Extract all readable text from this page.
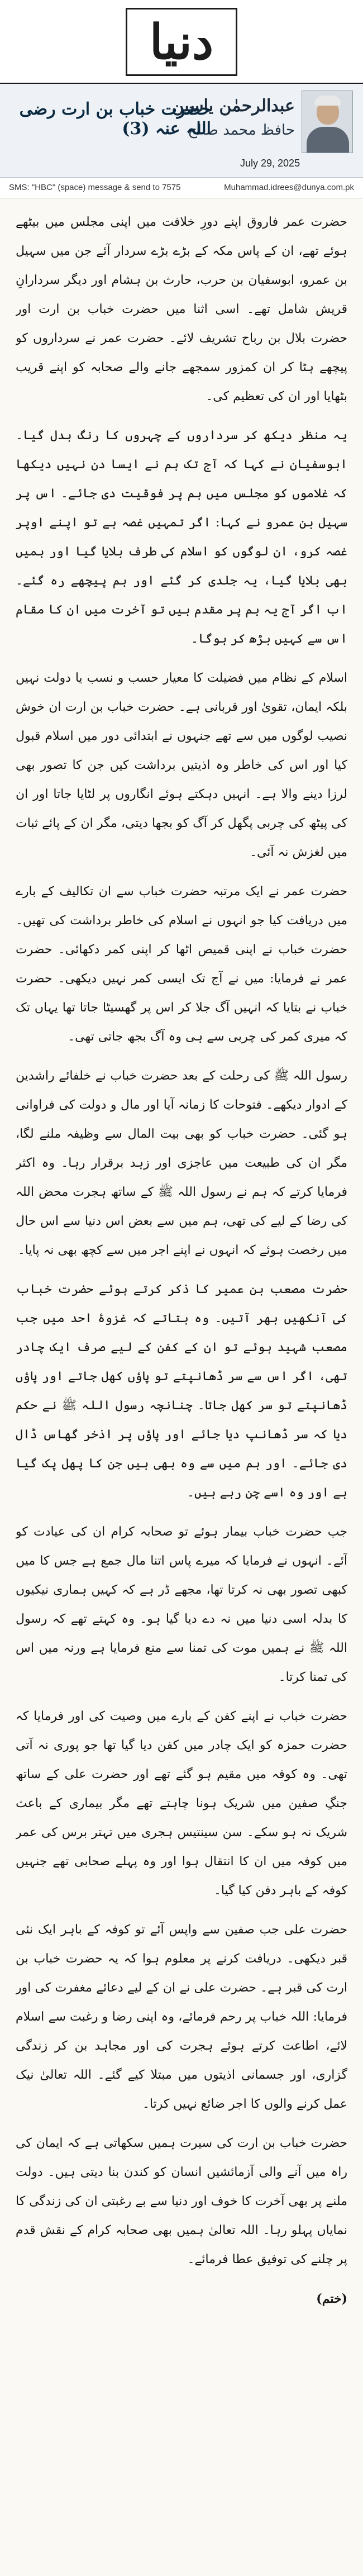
دنیا
عبدالرحمٰن یاسین
حافظ محمد صالح
حضرت خباب بن ارت رضی اللہ عنہ (3)
July 29, 2025
SMS: "HBC" (space) message & send to 7575	Muhammad.idrees@dunya.com.pk

حضرت عمر فاروق اپنے دورِ خلافت میں اپنی مجلس میں بیٹھے ہوئے تھے، ان کے پاس مکہ کے بڑے بڑے سردار آئے جن میں سہیل بن عمرو، ابوسفیان بن حرب، حارث بن ہشام اور دیگر سردارانِ قریش شامل تھے۔ اسی اثنا میں حضرت خباب بن ارت اور حضرت بلال بن رباح تشریف لائے۔ حضرت عمر نے سرداروں کو پیچھے ہٹا کر ان کمزور سمجھے جانے والے صحابہ کو اپنے قریب بٹھایا اور ان کی تعظیم کی۔

یہ منظر دیکھ کر سرداروں کے چہروں کا رنگ بدل گیا۔ ابوسفیان نے کہا کہ آج تک ہم نے ایسا دن نہیں دیکھا کہ غلاموں کو مجلس میں ہم پر فوقیت دی جائے۔ اس پر سہیل بن عمرو نے کہا: اگر تمہیں غصہ ہے تو اپنے اوپر غصہ کرو، ان لوگوں کو اسلام کی طرف بلایا گیا اور ہمیں بھی بلایا گیا، یہ جلدی کر گئے اور ہم پیچھے رہ گئے۔ اب اگر آج یہ ہم پر مقدم ہیں تو آخرت میں ان کا مقام اس سے کہیں بڑھ کر ہوگا۔

اسلام کے نظام میں فضیلت کا معیار حسب و نسب یا دولت نہیں بلکہ ایمان، تقویٰ اور قربانی ہے۔ حضرت خباب بن ارت ان خوش نصیب لوگوں میں سے تھے جنہوں نے ابتدائی دور میں اسلام قبول کیا اور اس کی خاطر وہ اذیتیں برداشت کیں جن کا تصور بھی لرزا دینے والا ہے۔ انہیں دہکتے ہوئے انگاروں پر لٹایا جاتا اور ان کی پیٹھ کی چربی پگھل کر آگ کو بجھا دیتی، مگر ان کے پائے ثبات میں لغزش نہ آئی۔

حضرت عمر نے ایک مرتبہ حضرت خباب سے ان تکالیف کے بارے میں دریافت کیا جو انہوں نے اسلام کی خاطر برداشت کی تھیں۔ حضرت خباب نے اپنی قمیص اٹھا کر اپنی کمر دکھائی۔ حضرت عمر نے فرمایا: میں نے آج تک ایسی کمر نہیں دیکھی۔ حضرت خباب نے بتایا کہ انہیں آگ جلا کر اس پر گھسیٹا جاتا تھا یہاں تک کہ میری کمر کی چربی سے ہی وہ آگ بجھ جاتی تھی۔

رسول اللہ ﷺ کی رحلت کے بعد حضرت خباب نے خلفائے راشدین کے ادوار دیکھے۔ فتوحات کا زمانہ آیا اور مال و دولت کی فراوانی ہو گئی۔ حضرت خباب کو بھی بیت المال سے وظیفہ ملنے لگا، مگر ان کی طبیعت میں عاجزی اور زہد برقرار رہا۔ وہ اکثر فرمایا کرتے کہ ہم نے رسول اللہ ﷺ کے ساتھ ہجرت محض اللہ کی رضا کے لیے کی تھی، ہم میں سے بعض اس دنیا سے اس حال میں رخصت ہوئے کہ انہوں نے اپنے اجر میں سے کچھ بھی نہ پایا۔

حضرت مصعب بن عمیر کا ذکر کرتے ہوئے حضرت خباب کی آنکھیں بھر آتیں۔ وہ بتاتے کہ غزوۂ احد میں جب مصعب شہید ہوئے تو ان کے کفن کے لیے صرف ایک چادر تھی، اگر اس سے سر ڈھانپتے تو پاؤں کھل جاتے اور پاؤں ڈھانپتے تو سر کھل جاتا۔ چنانچہ رسول اللہ ﷺ نے حکم دیا کہ سر ڈھانپ دیا جائے اور پاؤں پر اذخر گھاس ڈال دی جائے۔ اور ہم میں سے وہ بھی ہیں جن کا پھل پک گیا ہے اور وہ اسے چن رہے ہیں۔

جب حضرت خباب بیمار ہوئے تو صحابہ کرام ان کی عیادت کو آئے۔ انہوں نے فرمایا کہ میرے پاس اتنا مال جمع ہے جس کا میں کبھی تصور بھی نہ کرتا تھا، مجھے ڈر ہے کہ کہیں ہماری نیکیوں کا بدلہ اسی دنیا میں نہ دے دیا گیا ہو۔ وہ کہتے تھے کہ رسول اللہ ﷺ نے ہمیں موت کی تمنا سے منع فرمایا ہے ورنہ میں اس کی تمنا کرتا۔

حضرت خباب نے اپنے کفن کے بارے میں وصیت کی اور فرمایا کہ حضرت حمزہ کو ایک چادر میں کفن دیا گیا تھا جو پوری نہ آتی تھی۔ وہ کوفہ میں مقیم ہو گئے تھے اور حضرت علی کے ساتھ جنگِ صفین میں شریک ہونا چاہتے تھے مگر بیماری کے باعث شریک نہ ہو سکے۔ سن سینتیس ہجری میں تہتر برس کی عمر میں کوفہ میں ان کا انتقال ہوا اور وہ پہلے صحابی تھے جنہیں کوفہ کے باہر دفن کیا گیا۔

حضرت علی جب صفین سے واپس آئے تو کوفہ کے باہر ایک نئی قبر دیکھی۔ دریافت کرنے پر معلوم ہوا کہ یہ حضرت خباب بن ارت کی قبر ہے۔ حضرت علی نے ان کے لیے دعائے مغفرت کی اور فرمایا: اللہ خباب پر رحم فرمائے، وہ اپنی رضا و رغبت سے اسلام لائے، اطاعت کرتے ہوئے ہجرت کی اور مجاہد بن کر زندگی گزاری، اور جسمانی اذیتوں میں مبتلا کیے گئے۔ اللہ تعالیٰ نیک عمل کرنے والوں کا اجر ضائع نہیں کرتا۔

حضرت خباب بن ارت کی سیرت ہمیں سکھاتی ہے کہ ایمان کی راہ میں آنے والی آزمائشیں انسان کو کندن بنا دیتی ہیں۔ دولت ملنے پر بھی آخرت کا خوف اور دنیا سے بے رغبتی ان کی زندگی کا نمایاں پہلو رہا۔ اللہ تعالیٰ ہمیں بھی صحابہ کرام کے نقش قدم پر چلنے کی توفیق عطا فرمائے۔

(ختم)
